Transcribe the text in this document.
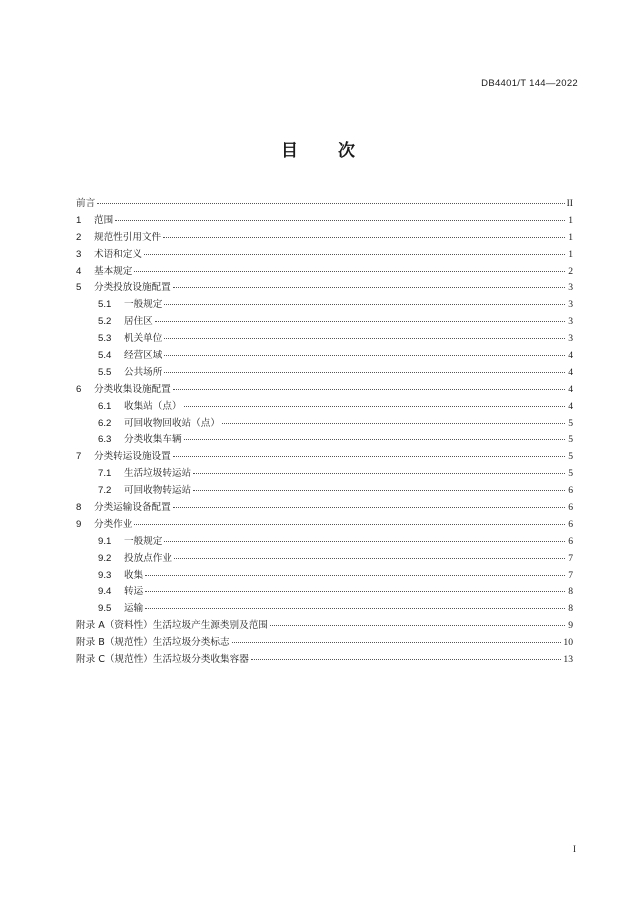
DB4401/T 144—2022
目 次
前言	II
1	范围	1
2	规范性引用文件	1
3	术语和定义	1
4	基本规定	2
5	分类投放设施配置	3
5.1	一般规定	3
5.2	居住区	3
5.3	机关单位	3
5.4	经营区域	4
5.5	公共场所	4
6	分类收集设施配置	4
6.1	收集站（点）	4
6.2	可回收物回收站（点）	5
6.3	分类收集车辆	5
7	分类转运设施设置	5
7.1	生活垃圾转运站	5
7.2	可回收物转运站	6
8	分类运输设备配置	6
9	分类作业	6
9.1	一般规定	6
9.2	投放点作业	7
9.3	收集	7
9.4	转运	8
9.5	运输	8
附录 A（资料性）生活垃圾产生源类别及范围	9
附录 B（规范性）生活垃圾分类标志	10
附录 C（规范性）生活垃圾分类收集容器	13
I
